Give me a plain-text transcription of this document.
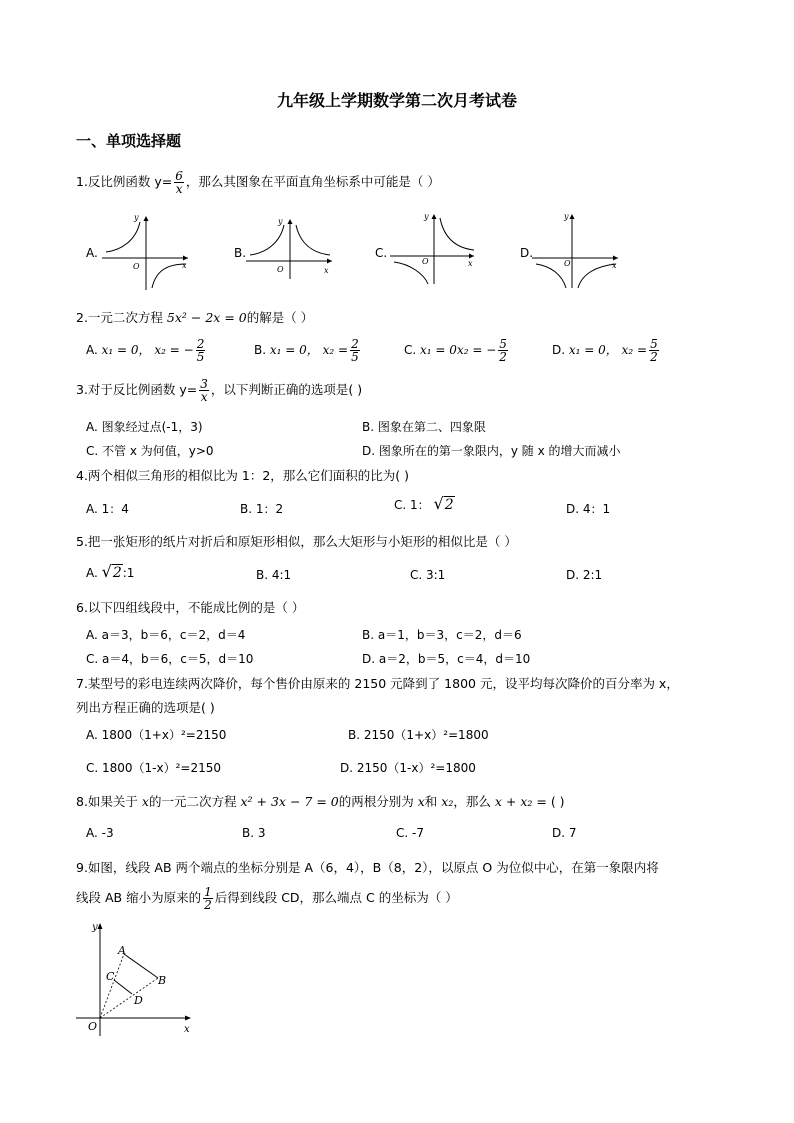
九年级上学期数学第二次月考试卷
一、单项选择题
1.反比例函数 $y= \frac{6}{x}$ ，那么其图象在平面直角坐标系中可能是（ ）
A.
y
x
O
B.
y
x
O
C.
y
x
O
D.
y
x
O
2.一元二次方程 5x² − 2x = 0的解是（ ）
A. x₁ = 0， x₂ = − $\frac{2}{5}$	B. x₁ = 0， $x_2 = \frac{2}{5}$	C. x₁ = 0x₂ = − $\frac{5}{2}$	D. x₁ = 0， $x_2 = \frac{5}{2}$
3.对于反比例函数 $y= \frac{3}{x}$ ，以下判断正确的选项是( )
A. 图象经过点(-1，3)	B. 图象在第二、四象限
C. 不管 x 为何值，y>0	D. 图象所在的第一象限内，y 随 x 的增大而减小
4.两个相似三角形的相似比为 1：2，那么它们面积的比为( )
A. 1：4	B. 1：2	C. 1： √2	D. 4：1
5.把一张矩形的纸片对折后和原矩形相似，那么大矩形与小矩形的相似比是（ ）
A. √2:1	B. 4:1	C. 3:1	D. 2:1
6.以下四组线段中，不能成比例的是（ ）
A. a＝3，b＝6，c＝2，d＝4	B. a＝1，b＝3，c＝2，d＝6
C. a＝4，b＝6，c＝5，d＝10	D. a＝2，b＝5，c＝4，d＝10
7.某型号的彩电连续两次降价，每个售价由原来的 2150 元降到了 1800 元，设平均每次降价的百分率为 x，
列出方程正确的选项是( )
A. 1800（1+x）²=2150	B. 2150（1+x）²=1800
C. 1800（1-x）²=2150	D. 2150（1-x）²=1800
8.如果关于 x的一元二次方程 x² + 3x − 7 = 0的两根分别为 x和 x₂，那么 x + x₂ = ( )
A. -3	B. 3	C. -7	D. 7
9.如图，线段 AB 两个端点的坐标分别是 A（6，4），B（8，2），以原点 O 为位似中心，在第一象限内将
线段 AB 缩小为原来的 $\frac{1}{2}$ 后得到线段 CD，那么端点 C 的坐标为（ ）
y
x
O
A
B
C
D
